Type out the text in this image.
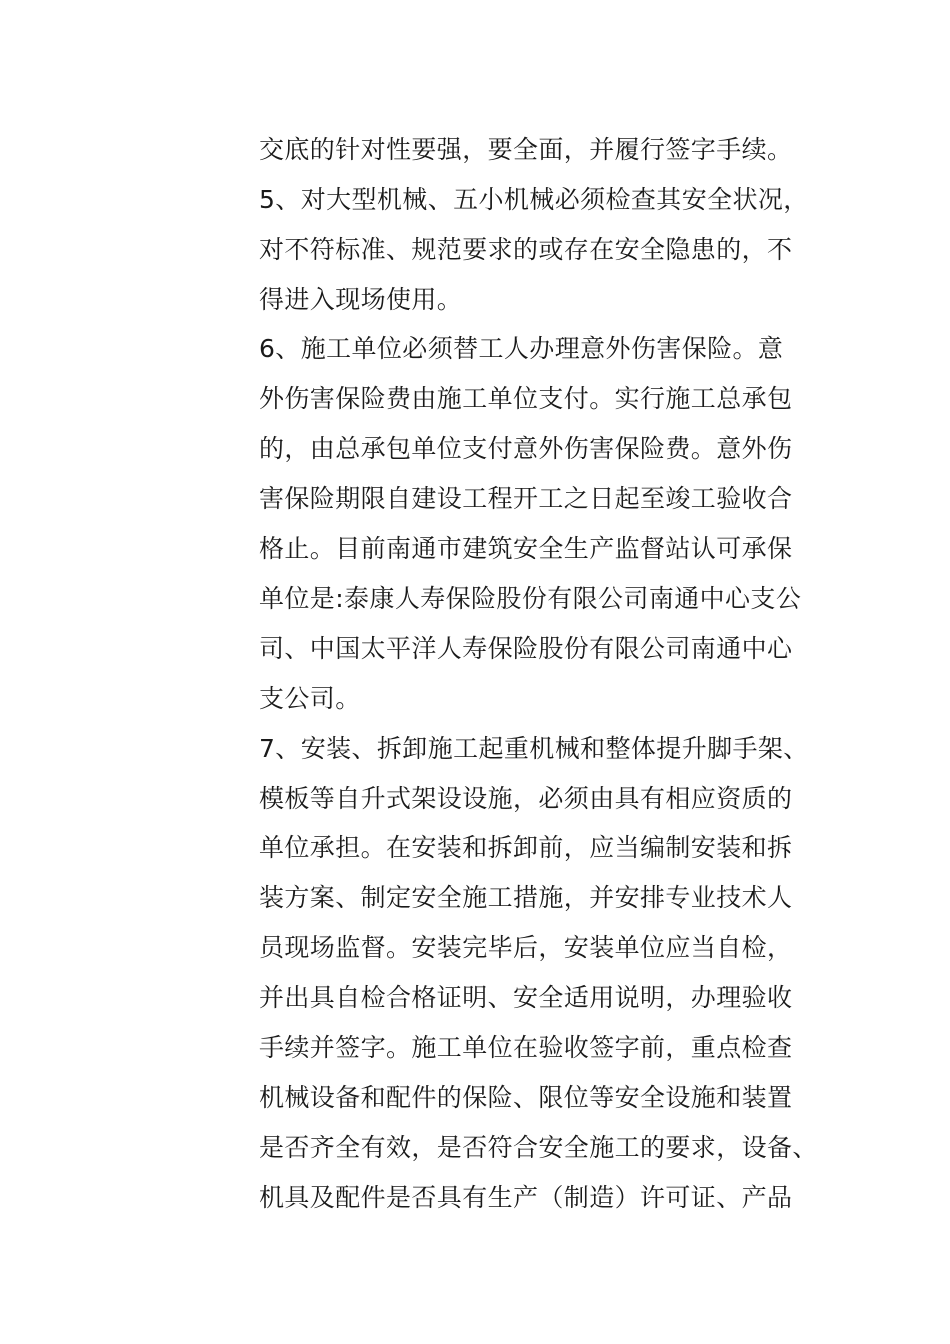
交底的针对性要强，要全面，并履行签字手续。
5、对大型机械、五小机械必须检查其安全状况，
对不符标准、规范要求的或存在安全隐患的，不
得进入现场使用。
6、施工单位必须替工人办理意外伤害保险。意
外伤害保险费由施工单位支付。实行施工总承包
的，由总承包单位支付意外伤害保险费。意外伤
害保险期限自建设工程开工之日起至竣工验收合
格止。目前南通市建筑安全生产监督站认可承保
单位是:泰康人寿保险股份有限公司南通中心支公
司、中国太平洋人寿保险股份有限公司南通中心
支公司。
7、安装、拆卸施工起重机械和整体提升脚手架、
模板等自升式架设设施，必须由具有相应资质的
单位承担。在安装和拆卸前，应当编制安装和拆
装方案、制定安全施工措施，并安排专业技术人
员现场监督。安装完毕后，安装单位应当自检，
并出具自检合格证明、安全适用说明，办理验收
手续并签字。施工单位在验收签字前，重点检查
机械设备和配件的保险、限位等安全设施和装置
是否齐全有效，是否符合安全施工的要求，设备、
机具及配件是否具有生产（制造）许可证、产品
